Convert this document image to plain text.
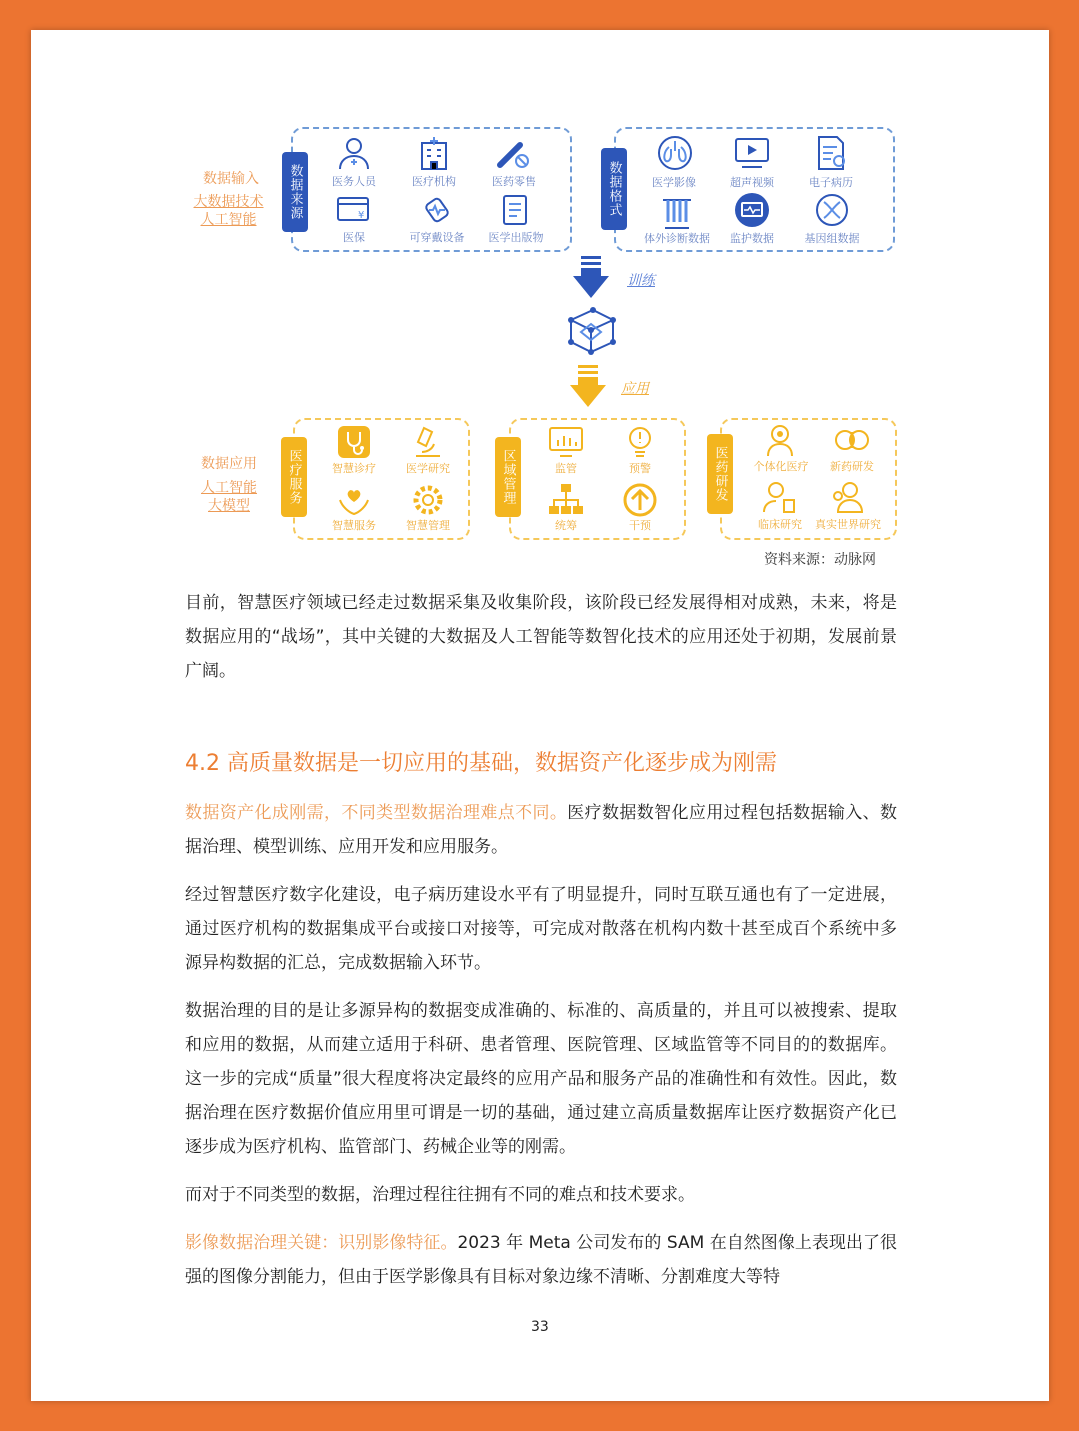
数据输入
大数据技术
人工智能	数据来源	医务人员	医疗机构	医药零售
¥
医保	可穿戴设备 医学出版物
数据格式	医学影像	超声视频	电子病历
体外诊断数据 监护数据	基因组数据
训练
应用
数据应用
人工智能
大模型
医疗服务	智慧诊疗	医学研究
智慧服务	智慧管理
区域管理	监管	预警
统筹	干预
医药研发	个体化医疗 新药研发
临床研究 真实世界研究
资料来源：动脉网

目前，智慧医疗领域已经走过数据采集及收集阶段，该阶段已经发展得相对成熟，未来，将是数据应用的“战场”，其中关键的大数据及人工智能等数智化技术的应用还处于初期，发展前景广阔。

4.2 高质量数据是一切应用的基础，数据资产化逐步成为刚需

数据资产化成刚需，不同类型数据治理难点不同。医疗数据数智化应用过程包括数据输入、数据治理、模型训练、应用开发和应用服务。

经过智慧医疗数字化建设，电子病历建设水平有了明显提升，同时互联互通也有了一定进展，通过医疗机构的数据集成平台或接口对接等，可完成对散落在机构内数十甚至成百个系统中多源异构数据的汇总，完成数据输入环节。

数据治理的目的是让多源异构的数据变成准确的、标准的、高质量的，并且可以被搜索、提取和应用的数据，从而建立适用于科研、患者管理、医院管理、区域监管等不同目的的数据库。这一步的完成“质量”很大程度将决定最终的应用产品和服务产品的准确性和有效性。因此，数据治理在医疗数据价值应用里可谓是一切的基础，通过建立高质量数据库让医疗数据资产化已逐步成为医疗机构、监管部门、药械企业等的刚需。

而对于不同类型的数据，治理过程往往拥有不同的难点和技术要求。

影像数据治理关键：识别影像特征。2023 年 Meta 公司发布的 SAM 在自然图像上表现出了很强的图像分割能力，但由于医学影像具有目标对象边缘不清晰、分割难度大等特

33
